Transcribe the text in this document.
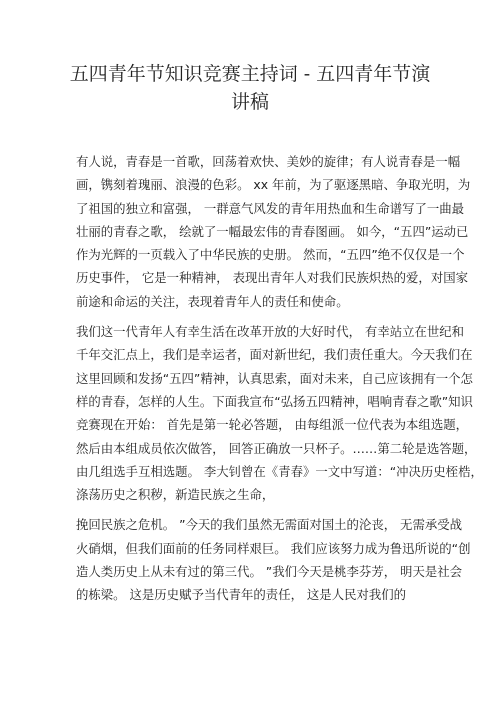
五四青年节知识竞赛主持词 - 五四青年节演
讲稿
有人说，青春是一首歌，回荡着欢快、美妙的旋律；有人说青春是一幅
画，镌刻着瑰丽、浪漫的色彩。 xx 年前，为了驱逐黑暗、争取光明，为
了祖国的独立和富强， 一群意气风发的青年用热血和生命谱写了一曲最
壮丽的青春之歌， 绘就了一幅最宏伟的青春图画。 如今，“五四”运动已
作为光辉的一页载入了中华民族的史册。 然而，“五四”绝不仅仅是一个
历史事件， 它是一种精神， 表现出青年人对我们民族炽热的爱，对国家
前途和命运的关注，表现着青年人的责任和使命。
我们这一代青年人有幸生活在改革开放的大好时代， 有幸站立在世纪和
千年交汇点上，我们是幸运者，面对新世纪，我们责任重大。今天我们在
这里回顾和发扬“五四”精神，认真思索，面对未来，自己应该拥有一个怎
样的青春，怎样的人生。下面我宣布“弘扬五四精神，唱响青春之歌”知识
竞赛现在开始： 首先是第一轮必答题， 由每组派一位代表为本组选题，
然后由本组成员依次做答， 回答正确放一只杯子。……第二轮是选答题，
由几组选手互相选题。 李大钊曾在《青春》一文中写道：“冲决历史桎梏，
涤荡历史之积秽，新造民族之生命，
挽回民族之危机。 ”今天的我们虽然无需面对国土的沦丧， 无需承受战
火硝烟，但我们面前的任务同样艰巨。 我们应该努力成为鲁迅所说的“创
造人类历史上从未有过的第三代。 ”我们今天是桃李芬芳， 明天是社会
的栋梁。 这是历史赋予当代青年的责任， 这是人民对我们的
